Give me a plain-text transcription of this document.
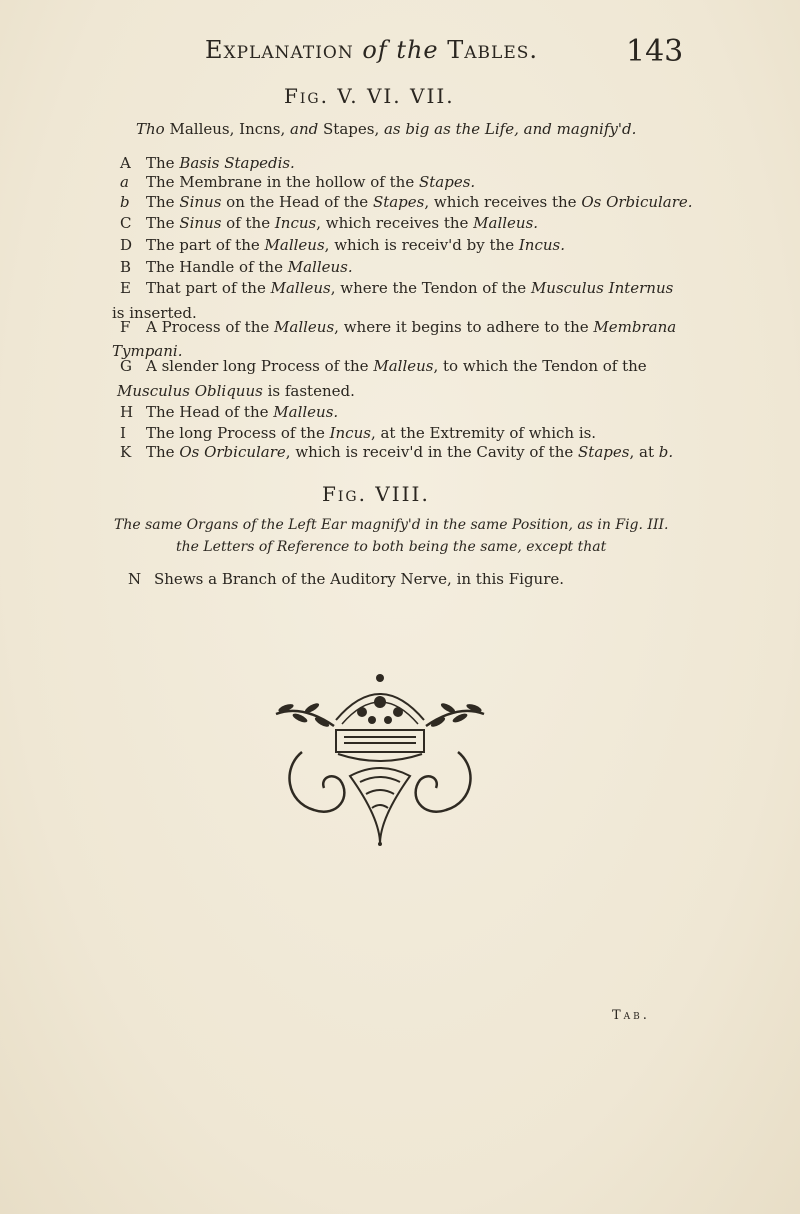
Explanation of the Tables.	143
Fig. V. VI. VII.
Tho Malleus, Incns, and Stapes, as big as the Life, and magnify'd.
A The Basis Stapedis.
a The Membrane in the hollow of the Stapes.
b The Sinus on the Head of the Stapes, which receives the Os Orbiculare.
C The Sinus of the Incus, which receives the Malleus.
D The part of the Malleus, which is receiv'd by the Incus.
B The Handle of the Malleus.
E That part of the Malleus, where the Tendon of the Musculus Internus
is inserted.
F A Process of the Malleus, where it begins to adhere to the Membrana
Tympani.
G A slender long Process of the Malleus, to which the Tendon of the
Musculus Obliquus is fastened.
H The Head of the Malleus.
I The long Process of the Incus, at the Extremity of which is.
K The Os Orbiculare, which is receiv'd in the Cavity of the Stapes, at b.
Fig. VIII.
The same Organs of the Left Ear magnify'd in the same Position, as in Fig. III.
the Letters of Reference to both being the same, except that
N Shews a Branch of the Auditory Nerve, in this Figure.
Tab.
